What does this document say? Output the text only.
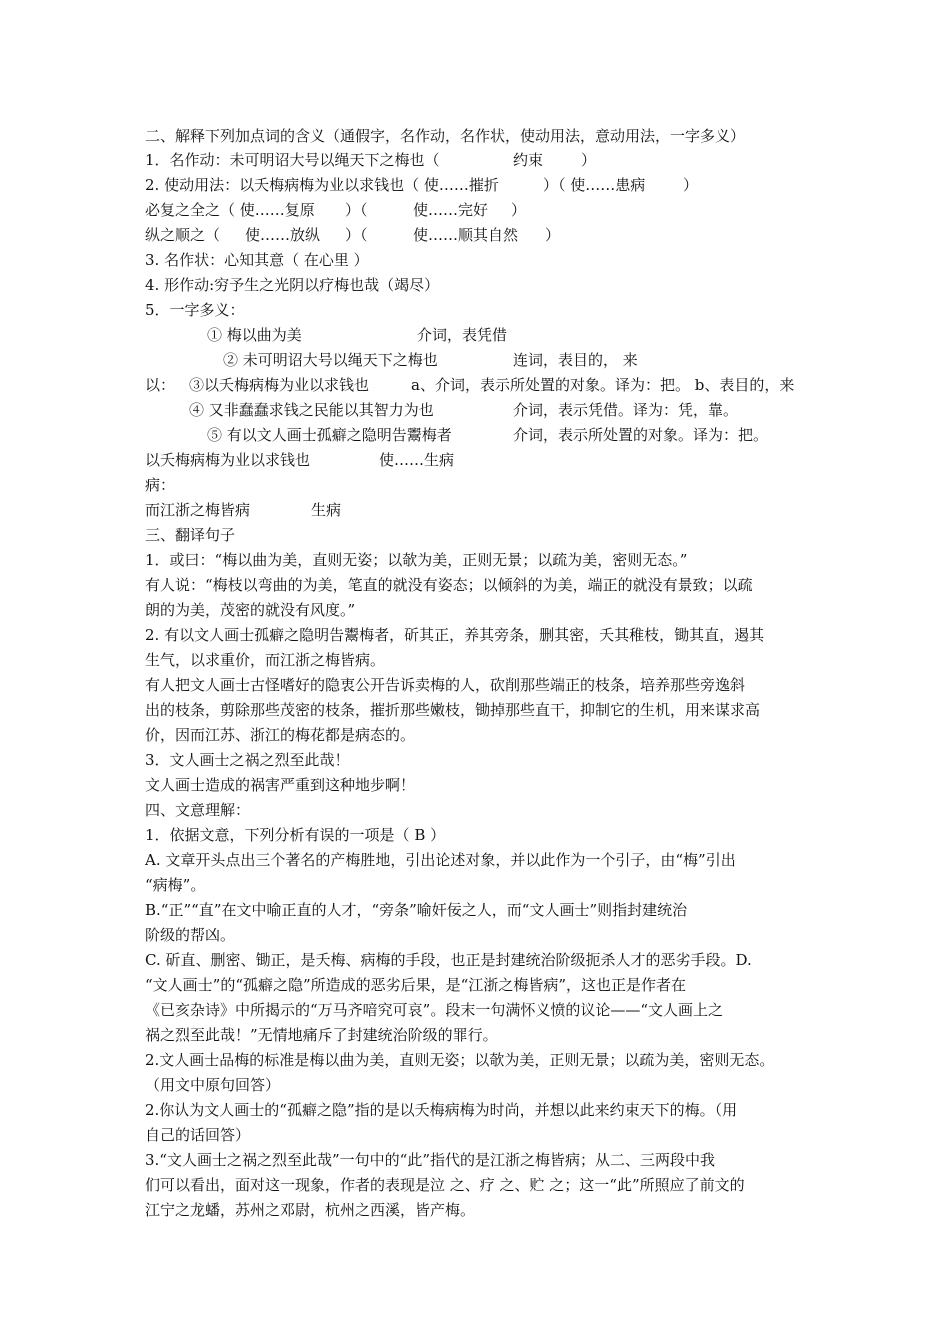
二、解释下列加点词的含义（通假字，名作动，名作状，使动用法，意动用法，一字多义）
1．名作动：未可明诏大号以绳天下之梅也（	约束	）
2. 使动用法：以夭梅病梅为业以求钱也（ 使……摧折	）（ 使……患病	）
必复之全之（ 使……复原 ）（	使……完好 ）
纵之顺之（ 使……放纵 ）（	使……顺其自然 ）
3. 名作状：心知其意（ 在心里 ）
4. 形作动:穷予生之光阴以疗梅也哉（竭尽）
5．一字多义：
① 梅以曲为美	介词，表凭借
② 未可明诏大号以绳天下之梅也	连词，表目的， 来
以： ③以夭梅病梅为业以求钱也	a、介词，表示所处置的对象。译为：把。 b、表目的，来
④ 又非蠢蠢求钱之民能以其智力为也	介词，表示凭借。译为：凭，靠。
⑤ 有以文人画士孤癖之隐明告鬻梅者	介词，表示所处置的对象。译为：把。
以夭梅病梅为业以求钱也	使……生病
病：
而江浙之梅皆病	生病
三、翻译句子
1．或曰：“梅以曲为美，直则无姿；以欹为美，正则无景；以疏为美，密则无态。”
有人说：“梅枝以弯曲的为美，笔直的就没有姿态；以倾斜的为美，端正的就没有景致；以疏
朗的为美，茂密的就没有风度。”
2. 有以文人画士孤癖之隐明告鬻梅者，斫其正，养其旁条，删其密，夭其稚枝，锄其直，遏其
生气，以求重价，而江浙之梅皆病。
有人把文人画士古怪嗜好的隐衷公开告诉卖梅的人，砍削那些端正的枝条，培养那些旁逸斜
出的枝条，剪除那些茂密的枝条，摧折那些嫩枝，锄掉那些直干，抑制它的生机，用来谋求高
价，因而江苏、浙江的梅花都是病态的。
3．文人画士之祸之烈至此哉！
文人画士造成的祸害严重到这种地步啊！
四、文意理解：
1．依据文意，下列分析有误的一项是（ B ）
A. 文章开头点出三个著名的产梅胜地，引出论述对象，并以此作为一个引子，由“梅”引出
“病梅”。
B.“正”“直”在文中喻正直的人才，“旁条”喻奸佞之人，而“文人画士”则指封建统治
阶级的帮凶。
C. 斫直、删密、锄正，是夭梅、病梅的手段，也正是封建统治阶级扼杀人才的恶劣手段。D.
“文人画士”的“孤癖之隐”所造成的恶劣后果，是“江浙之梅皆病”，这也正是作者在
《已亥杂诗》中所揭示的“万马齐喑究可哀”。段末一句满怀义愤的议论——“文人画上之
祸之烈至此哉！”无情地痛斥了封建统治阶级的罪行。
2.文人画士品梅的标准是梅以曲为美，直则无姿；以欹为美，正则无景；以疏为美，密则无态。
（用文中原句回答）
2.你认为文人画士的“孤癖之隐”指的是以夭梅病梅为时尚，并想以此来约束天下的梅。（用
自己的话回答）
3.“文人画士之祸之烈至此哉”一句中的“此”指代的是江浙之梅皆病；从二、三两段中我
们可以看出，面对这一现象，作者的表现是泣 之、疗 之、贮 之；这一“此”所照应了前文的
江宁之龙蟠，苏州之邓尉，杭州之西溪，皆产梅。
